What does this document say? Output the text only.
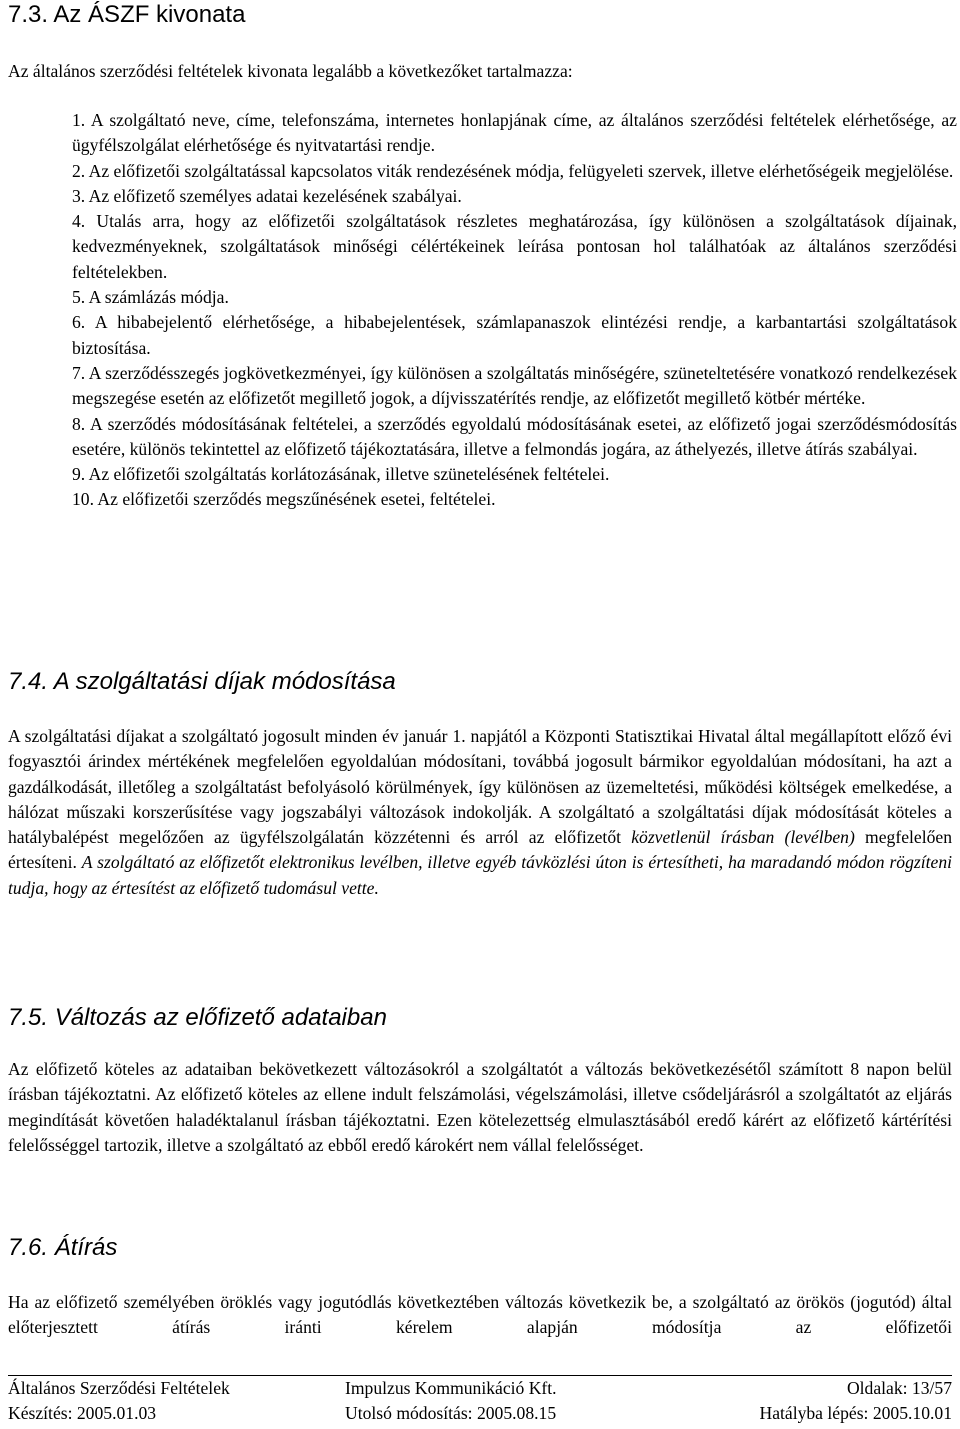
7.3. Az ÁSZF kivonata

Az általános szerződési feltételek kivonata legalább a következőket tartalmazza:

1. A szolgáltató neve, címe, telefonszáma, internetes honlapjának címe, az általános szerződési feltételek elérhetősége, az ügyfélszolgálat elérhetősége és nyitvatartási rendje.
2. Az előfizetői szolgáltatással kapcsolatos viták rendezésének módja, felügyeleti szervek, illetve elérhetőségeik megjelölése.
3. Az előfizető személyes adatai kezelésének szabályai.
4. Utalás arra, hogy az előfizetői szolgáltatások részletes meghatározása, így különösen a szolgáltatások díjainak, kedvezményeknek, szolgáltatások minőségi célértékeinek leírása pontosan hol találhatóak az általános szerződési feltételekben.
5. A számlázás módja.
6. A hibabejelentő elérhetősége, a hibabejelentések, számlapanaszok elintézési rendje, a karbantartási szolgáltatások biztosítása.
7. A szerződésszegés jogkövetkezményei, így különösen a szolgáltatás minőségére, szüneteltetésére vonatkozó rendelkezések megszegése esetén az előfizetőt megillető jogok, a díjvisszatérítés rendje, az előfizetőt megillető kötbér mértéke.
8. A szerződés módosításának feltételei, a szerződés egyoldalú módosításának esetei, az előfizető jogai szerződésmódosítás esetére, különös tekintettel az előfizető tájékoztatására, illetve a felmondás jogára, az áthelyezés, illetve átírás szabályai.
9. Az előfizetői szolgáltatás korlátozásának, illetve szünetelésének feltételei.
10. Az előfizetői szerződés megszűnésének esetei, feltételei.
7.4. A szolgáltatási díjak módosítása

A szolgáltatási díjakat a szolgáltató jogosult minden év január 1. napjától a Központi Statisztikai Hivatal által megállapított előző évi fogyasztói árindex mértékének megfelelően egyoldalúan módosítani, továbbá jogosult bármikor egyoldalúan módosítani, ha azt a gazdálkodását, illetőleg a szolgáltatást befolyásoló körülmények, így különösen az üzemeltetési, működési költségek emelkedése, a hálózat műszaki korszerűsítése vagy jogszabályi változások indokolják. A szolgáltató a szolgáltatási díjak módosítását köteles a hatálybalépést megelőzően az ügyfélszolgálatán közzétenni és arról az előfizetőt közvetlenül írásban (levélben) megfelelően értesíteni. A szolgáltató az előfizetőt elektronikus levélben, illetve egyéb távközlési úton is értesítheti, ha maradandó módon rögzíteni tudja, hogy az értesítést az előfizető tudomásul vette.

7.5. Változás az előfizető adataiban

Az előfizető köteles az adataiban bekövetkezett változásokról a szolgáltatót a változás bekövetkezésétől számított 8 napon belül írásban tájékoztatni. Az előfizető köteles az ellene indult felszámolási, végelszámolási, illetve csődeljárásról a szolgáltatót az eljárás megindítását követően haladéktalanul írásban tájékoztatni. Ezen kötelezettség elmulasztásából eredő kárért az előfizető kártérítési felelősséggel tartozik, illetve a szolgáltató az ebből eredő károkért nem vállal felelősséget.

7.6. Átírás

Ha az előfizető személyében öröklés vagy jogutódlás következtében változás következik be, a szolgáltató az örökös (jogutód) által előterjesztett átírás iránti kérelem alapján módosítja az előfizetői

Általános Szerződési Feltételek	Impulzus Kommunikáció Kft.	Oldalak: 13/57
Készítés: 2005.01.03	Utolsó módosítás: 2005.08.15	Hatályba lépés: 2005.10.01
